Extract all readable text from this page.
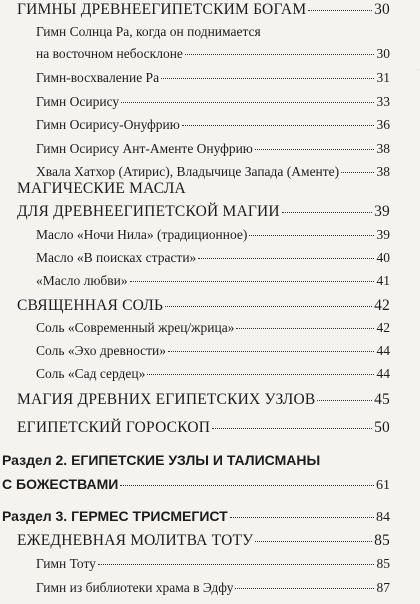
·
ГИМНЫ ДРЕВНЕЕГИПЕТСКИМ БОГАМ	30
Гимн Солнца Ра, когда он поднимается
на восточном небосклоне	30
Гимн-восхваление Ра	31
Гимн Осирису	33
Гимн Осирису-Онуфрию	36
Гимн Осирису Ант-Аменте Онуфрию	38
Хвала Хатхор (Атирис), Владычице Запада (Аменте)	38
МАГИЧЕСКИЕ МАСЛА
ДЛЯ ДРЕВНЕЕГИПЕТСКОЙ МАГИИ	39
Масло «Ночи Нила» (традиционное)	39
Масло «В поисках страсти»	40
«Масло любви»	41
СВЯЩЕННАЯ СОЛЬ	42
Соль «Современный жрец/жрица»	42
Соль «Эхо древности»	44
Соль «Сад сердец»	44
МАГИЯ ДРЕВНИХ ЕГИПЕТСКИХ УЗЛОВ	45
ЕГИПЕТСКИЙ ГОРОСКОП	50
Раздел 2. ЕГИПЕТСКИЕ УЗЛЫ И ТАЛИСМАНЫ
С БОЖЕСТВАМИ	61
Раздел 3. ГЕРМЕС ТРИСМЕГИСТ	84
ЕЖЕДНЕВНАЯ МОЛИТВА ТОТУ	85
Гимн Тоту	85
Гимн из библиотеки храма в Эдфу	87
